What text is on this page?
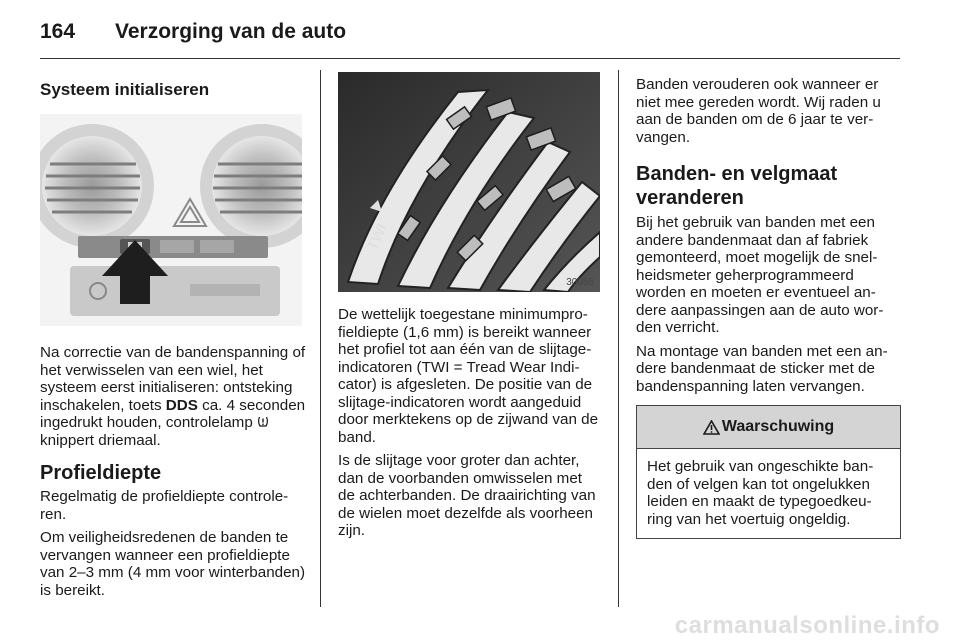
164 Verzorging van de auto
Systeem initialiseren

Na correctie van de bandenspanning of het verwisselen van een wiel, het systeem eerst initialiseren: ontsteking inschakelen, toets DDS ca. 4 seconden ingedrukt houden, controlelamp  knippert driemaal.

Profieldiepte

Regelmatig de profieldiepte controleren.

Om veiligheidsredenen de banden te vervangen wanneer een profieldiepte van 2–3 mm (4 mm voor winterbanden) is bereikt.

TWI
30055

De wettelijk toegestane minimumprofieldiepte (1,6 mm) is bereikt wanneer het profiel tot aan één van de slijtageindicatoren (TWI = Tread Wear Indicator) is afgesleten. De positie van de slijtage-indicatoren wordt aangeduid door merktekens op de zijwand van de band.

Is de slijtage voor groter dan achter, dan de voorbanden omwisselen met de achterbanden. De draairichting van de wielen moet dezelfde als voorheen zijn.

Banden verouderen ook wanneer er niet mee gereden wordt. Wij raden u aan de banden om de 6 jaar te vervangen.

Banden- en velgmaat veranderen

Bij het gebruik van banden met een andere bandenmaat dan af fabriek gemonteerd, moet mogelijk de snelheidsmeter geherprogrammeerd worden en moeten er eventueel andere aanpassingen aan de auto worden verricht.

Na montage van banden met een andere bandenmaat de sticker met de bandenspanning laten vervangen.

Waarschuwing

Het gebruik van ongeschikte banden of velgen kan tot ongelukken leiden en maakt de typegoedkeuring van het voertuig ongeldig.

carmanualsonline.info
